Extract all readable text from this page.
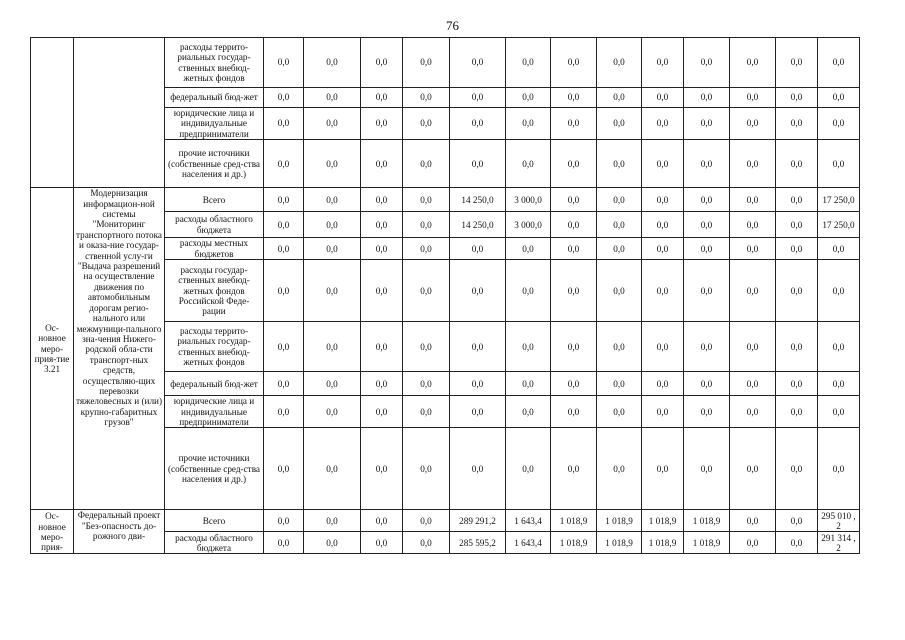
76
		расходы террито-риальных государ-ственных внебюд-жетных фондов	0,0	0,0	0,0	0,0	0,0	0,0	0,0	0,0	0,0	0,0	0,0	0,0	0,0
		федеральный бюд-жет	0,0	0,0	0,0	0,0	0,0	0,0	0,0	0,0	0,0	0,0	0,0	0,0	0,0
		юридические лица и индивидуальные предприниматели	0,0	0,0	0,0	0,0	0,0	0,0	0,0	0,0	0,0	0,0	0,0	0,0	0,0
		прочие источники (собственные сред-ства населения и др.)	0,0	0,0	0,0	0,0	0,0	0,0	0,0	0,0	0,0	0,0	0,0	0,0	0,0
Ос-новное меро-прия-тие 3.21	Модернизация информацион-ной системы "Мониторинг транспортного потока и оказа-ние государ-ственной услу-ги "Выдача разрешений на осуществление движения по автомобильным дорогам регио-нального или межмуници-пального зна-чения Нижего-родской обла-сти транспорт-ных средств, осуществляю-щих перевозки тяжеловесных и (или) крупно-габаритных грузов"	Всего	0,0	0,0	0,0	0,0	14 250,0	3 000,0	0,0	0,0	0,0	0,0	0,0	0,0	17 250,0
		расходы областного бюджета	0,0	0,0	0,0	0,0	14 250,0	3 000,0	0,0	0,0	0,0	0,0	0,0	0,0	17 250,0
		расходы местных бюджетов	0,0	0,0	0,0	0,0	0,0	0,0	0,0	0,0	0,0	0,0	0,0	0,0	0,0
		расходы государ-ственных внебюд-жетных фондов Российской Феде-рации	0,0	0,0	0,0	0,0	0,0	0,0	0,0	0,0	0,0	0,0	0,0	0,0	0,0
		расходы террито-риальных государ-ственных внебюд-жетных фондов	0,0	0,0	0,0	0,0	0,0	0,0	0,0	0,0	0,0	0,0	0,0	0,0	0,0
		федеральный бюд-жет	0,0	0,0	0,0	0,0	0,0	0,0	0,0	0,0	0,0	0,0	0,0	0,0	0,0
		юридические лица и индивидуальные предприниматели	0,0	0,0	0,0	0,0	0,0	0,0	0,0	0,0	0,0	0,0	0,0	0,0	0,0
		прочие источники (собственные сред-ства населения и др.)	0,0	0,0	0,0	0,0	0,0	0,0	0,0	0,0	0,0	0,0	0,0	0,0	0,0
Ос-новное меро-прия-	Федеральный проект "Без-опасность до-рожного дви-	Всего	0,0	0,0	0,0	0,0	289 291,2	1 643,4	1 018,9	1 018,9	1 018,9	1 018,9	0,0	0,0	295 010 ,2
		расходы областного бюджета	0,0	0,0	0,0	0,0	285 595,2	1 643,4	1 018,9	1 018,9	1 018,9	1 018,9	0,0	0,0	291 314 ,2
